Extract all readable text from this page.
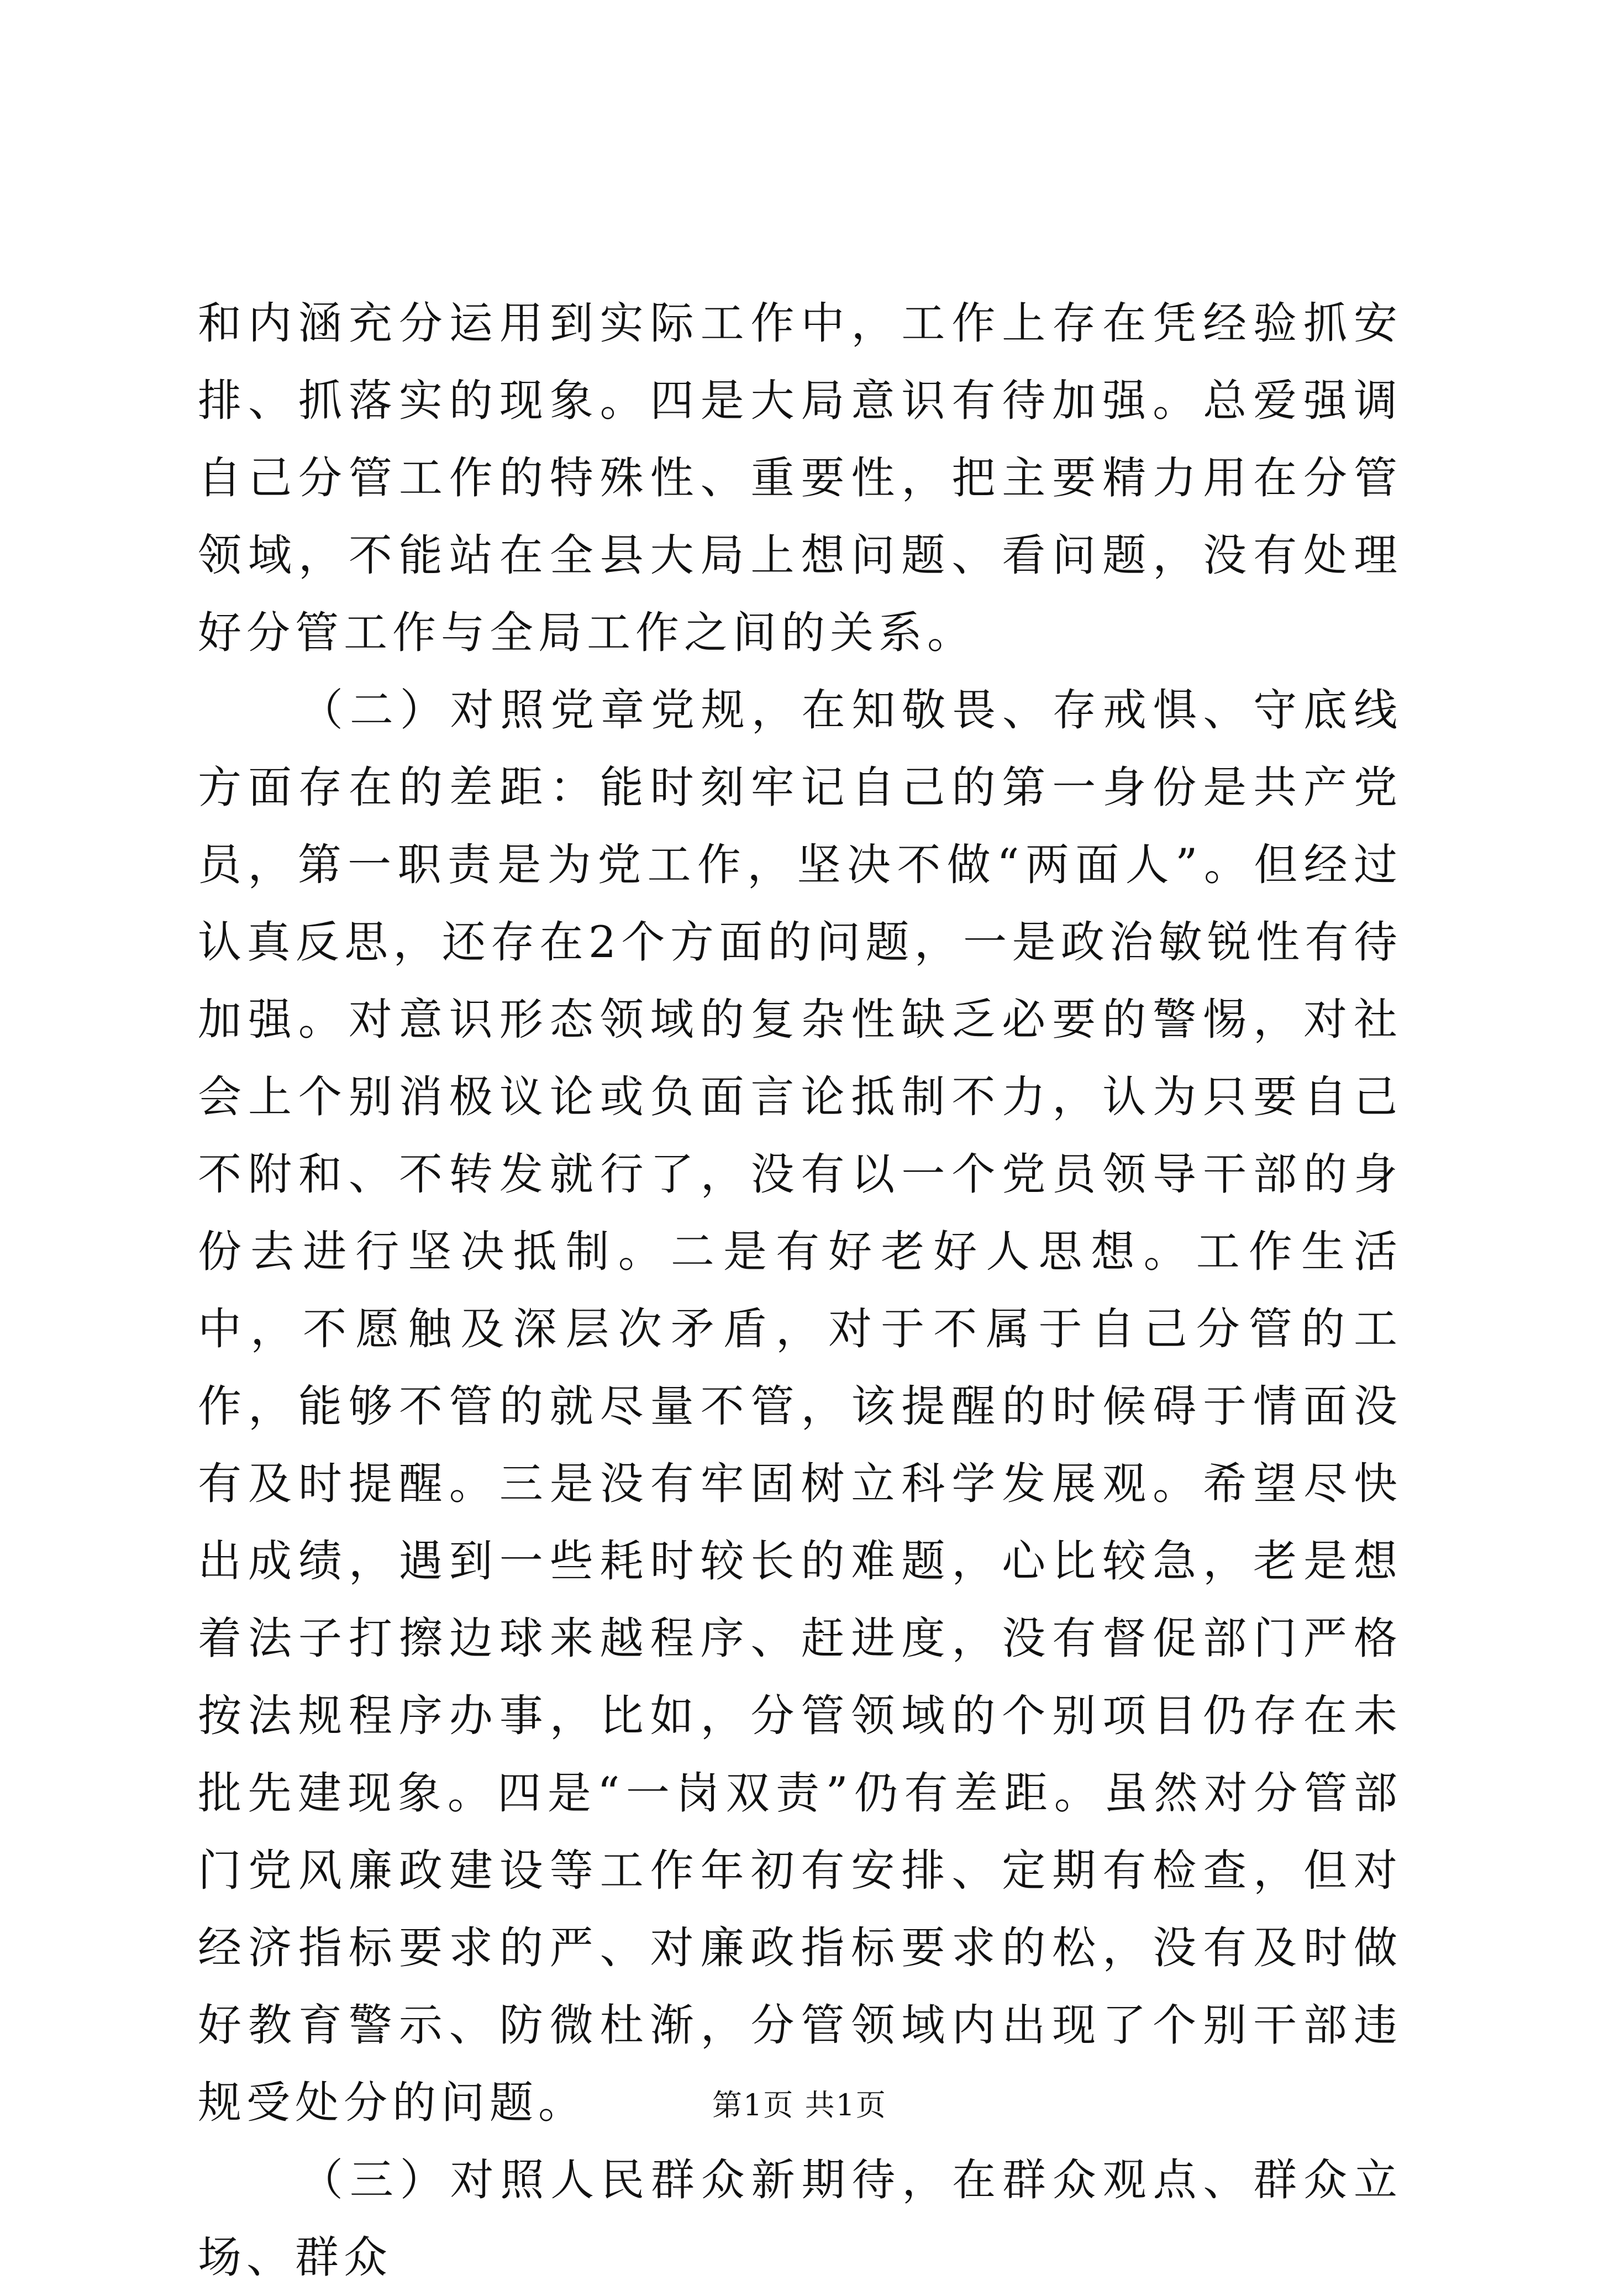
和内涵充分运用到实际工作中，工作上存在凭经验抓安排、抓落实的现象。四是大局意识有待加强。总爱强调自己分管工作的特殊性、重要性，把主要精力用在分管领域，不能站在全县大局上想问题、看问题，没有处理好分管工作与全局工作之间的关系。

（二）对照党章党规，在知敬畏、存戒惧、守底线方面存在的差距：能时刻牢记自己的第一身份是共产党员，第一职责是为党工作，坚决不做“两面人”。但经过认真反思，还存在2个方面的问题，一是政治敏锐性有待加强。对意识形态领域的复杂性缺乏必要的警惕，对社会上个别消极议论或负面言论抵制不力，认为只要自己不附和、不转发就行了，没有以一个党员领导干部的身份去进行坚决抵制。二是有好老好人思想。工作生活中，不愿触及深层次矛盾，对于不属于自己分管的工作，能够不管的就尽量不管，该提醒的时候碍于情面没有及时提醒。三是没有牢固树立科学发展观。希望尽快出成绩，遇到一些耗时较长的难题，心比较急，老是想着法子打擦边球来越程序、赶进度，没有督促部门严格按法规程序办事，比如，分管领域的个别项目仍存在未批先建现象。四是“一岗双责”仍有差距。虽然对分管部门党风廉政建设等工作年初有安排、定期有检查，但对经济指标要求的严、对廉政指标要求的松，没有及时做好教育警示、防微杜渐，分管领域内出现了个别干部违规受处分的问题。

（三）对照人民群众新期待，在群众观点、群众立场、群众

第1页 共1页
